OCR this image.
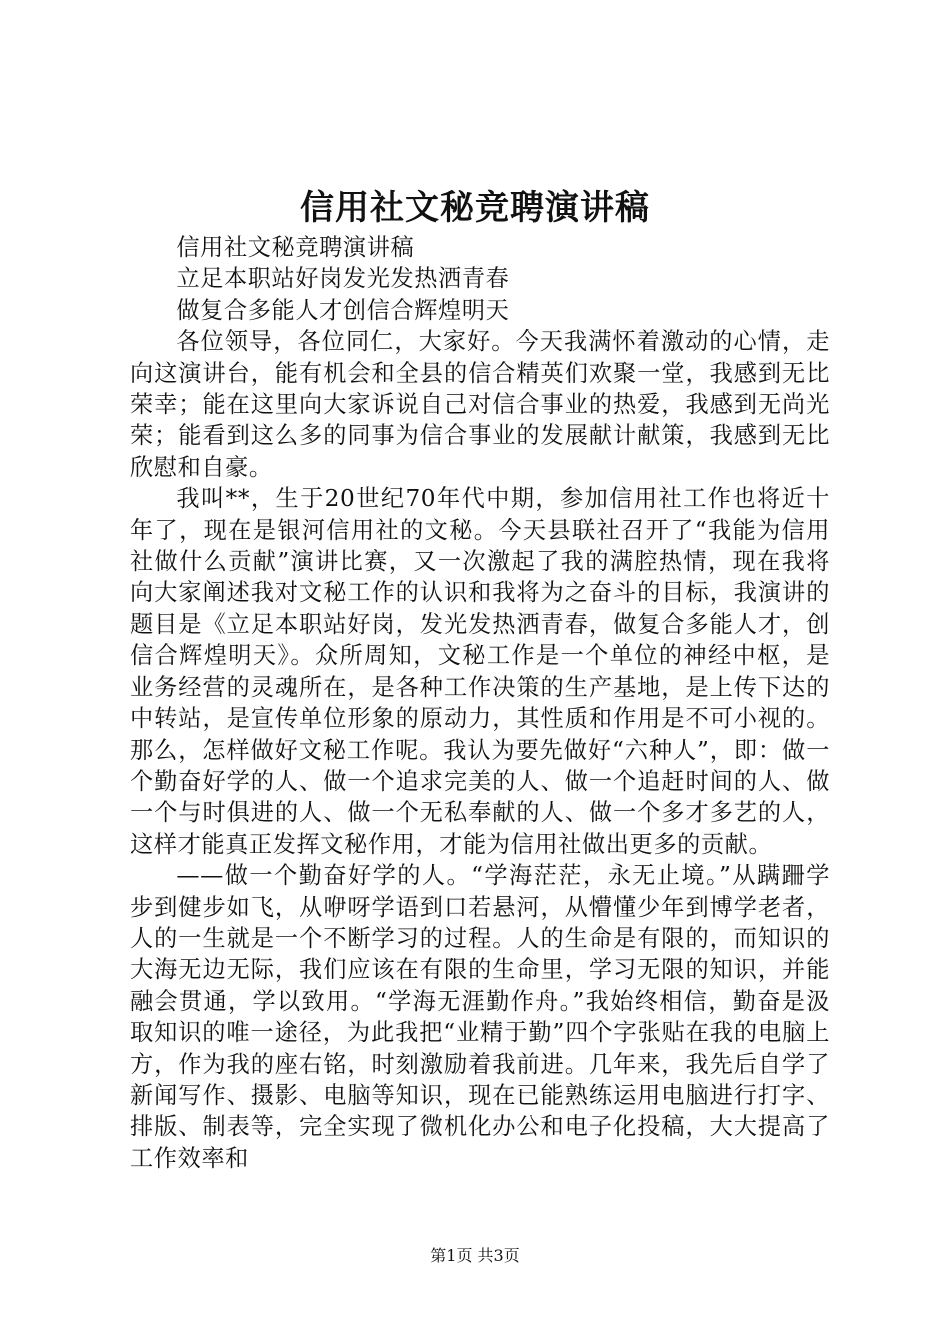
信用社文秘竞聘演讲稿

信用社文秘竞聘演讲稿

立足本职站好岗发光发热洒青春

做复合多能人才创信合辉煌明天

各位领导，各位同仁，大家好。今天我满怀着激动的心情，走向这演讲台，能有机会和全县的信合精英们欢聚一堂，我感到无比荣幸；能在这里向大家诉说自己对信合事业的热爱，我感到无尚光荣；能看到这么多的同事为信合事业的发展献计献策，我感到无比欣慰和自豪。

我叫**，生于20世纪70年代中期，参加信用社工作也将近十年了，现在是银河信用社的文秘。今天县联社召开了“我能为信用社做什么贡献”演讲比赛，又一次激起了我的满腔热情，现在我将向大家阐述我对文秘工作的认识和我将为之奋斗的目标，我演讲的题目是《立足本职站好岗，发光发热洒青春，做复合多能人才，创信合辉煌明天》。众所周知，文秘工作是一个单位的神经中枢，是业务经营的灵魂所在，是各种工作决策的生产基地，是上传下达的中转站，是宣传单位形象的原动力，其性质和作用是不可小视的。那么，怎样做好文秘工作呢。我认为要先做好“六种人”，即：做一个勤奋好学的人、做一个追求完美的人、做一个追赶时间的人、做一个与时俱进的人、做一个无私奉献的人、做一个多才多艺的人，这样才能真正发挥文秘作用，才能为信用社做出更多的贡献。

——做一个勤奋好学的人。“学海茫茫，永无止境。”从蹒跚学步到健步如飞，从咿呀学语到口若悬河，从懵懂少年到博学老者，人的一生就是一个不断学习的过程。人的生命是有限的，而知识的大海无边无际，我们应该在有限的生命里，学习无限的知识，并能融会贯通，学以致用。“学海无涯勤作舟。”我始终相信，勤奋是汲取知识的唯一途径，为此我把“业精于勤”四个字张贴在我的电脑上方，作为我的座右铭，时刻激励着我前进。几年来，我先后自学了新闻写作、摄影、电脑等知识，现在已能熟练运用电脑进行打字、排版、制表等，完全实现了微机化办公和电子化投稿，大大提高了工作效率和

第1页 共3页
